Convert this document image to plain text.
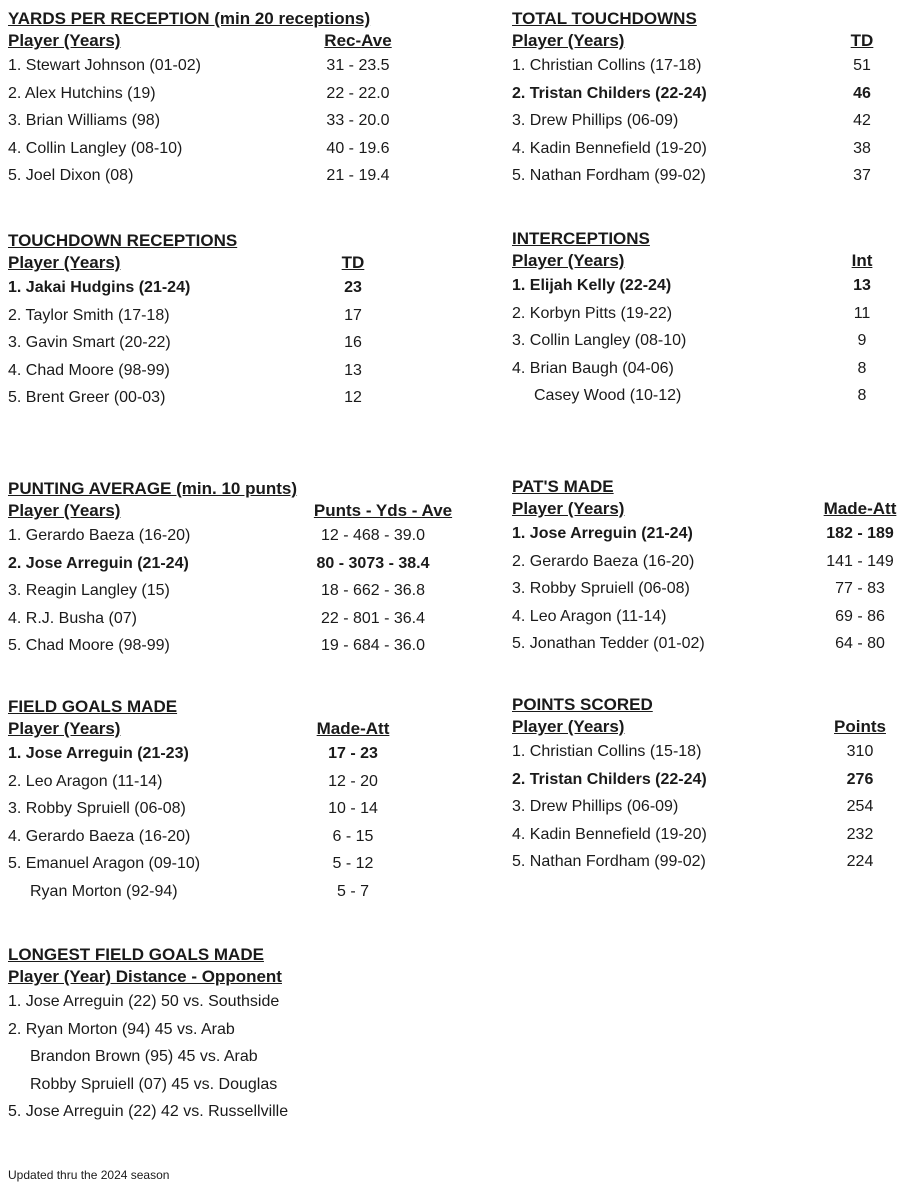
YARDS PER RECEPTION (min 20 receptions)
Player (Years)	Rec-Ave
1. Stewart Johnson (01-02)	31 - 23.5
2. Alex Hutchins (19)	22 - 22.0
3. Brian Williams (98)	33 - 20.0
4. Collin Langley (08-10)	40 - 19.6
5. Joel Dixon (08)	21 - 19.4
TOTAL TOUCHDOWNS
Player (Years)	TD
1. Christian Collins (17-18)	51
2. Tristan Childers (22-24)	46
3. Drew Phillips (06-09)	42
4. Kadin Bennefield (19-20)	38
5. Nathan Fordham (99-02)	37
TOUCHDOWN RECEPTIONS
Player (Years)	TD
1. Jakai Hudgins (21-24)	23
2. Taylor Smith (17-18)	17
3. Gavin Smart (20-22)	16
4. Chad Moore (98-99)	13
5. Brent Greer (00-03)	12
INTERCEPTIONS
Player (Years)	Int
1. Elijah Kelly (22-24)	13
2. Korbyn Pitts (19-22)	11
3. Collin Langley (08-10)	9
4. Brian Baugh (04-06)	8
Casey Wood (10-12)	8
PUNTING AVERAGE (min. 10 punts)
Player (Years)	Punts - Yds - Ave
1. Gerardo Baeza (16-20)	12 - 468 - 39.0
2. Jose Arreguin (21-24)	80 - 3073 - 38.4
3. Reagin Langley (15)	18 - 662 - 36.8
4. R.J. Busha (07)	22 - 801 - 36.4
5. Chad Moore (98-99)	19 - 684 - 36.0
PAT'S MADE
Player (Years)	Made-Att
1. Jose Arreguin (21-24)	182 - 189
2. Gerardo Baeza (16-20)	141 - 149
3. Robby Spruiell (06-08)	77 - 83
4. Leo Aragon (11-14)	69 - 86
5. Jonathan Tedder (01-02)	64 - 80
FIELD GOALS MADE
Player (Years)	Made-Att
1. Jose Arreguin (21-23)	17 - 23
2. Leo Aragon (11-14)	12 - 20
3. Robby Spruiell (06-08)	10 - 14
4. Gerardo Baeza (16-20)	6 - 15
5. Emanuel Aragon (09-10)	5 - 12
Ryan Morton (92-94)	5 - 7
POINTS SCORED
Player (Years)	Points
1. Christian Collins (15-18)	310
2. Tristan Childers (22-24)	276
3. Drew Phillips (06-09)	254
4. Kadin Bennefield (19-20)	232
5. Nathan Fordham (99-02)	224
LONGEST FIELD GOALS MADE
Player (Year) Distance - Opponent
1. Jose Arreguin (22) 50 vs. Southside
2. Ryan Morton (94) 45 vs. Arab
Brandon Brown (95) 45 vs. Arab
Robby Spruiell (07) 45 vs. Douglas
5. Jose Arreguin (22) 42 vs. Russellville
Updated thru the 2024 season
